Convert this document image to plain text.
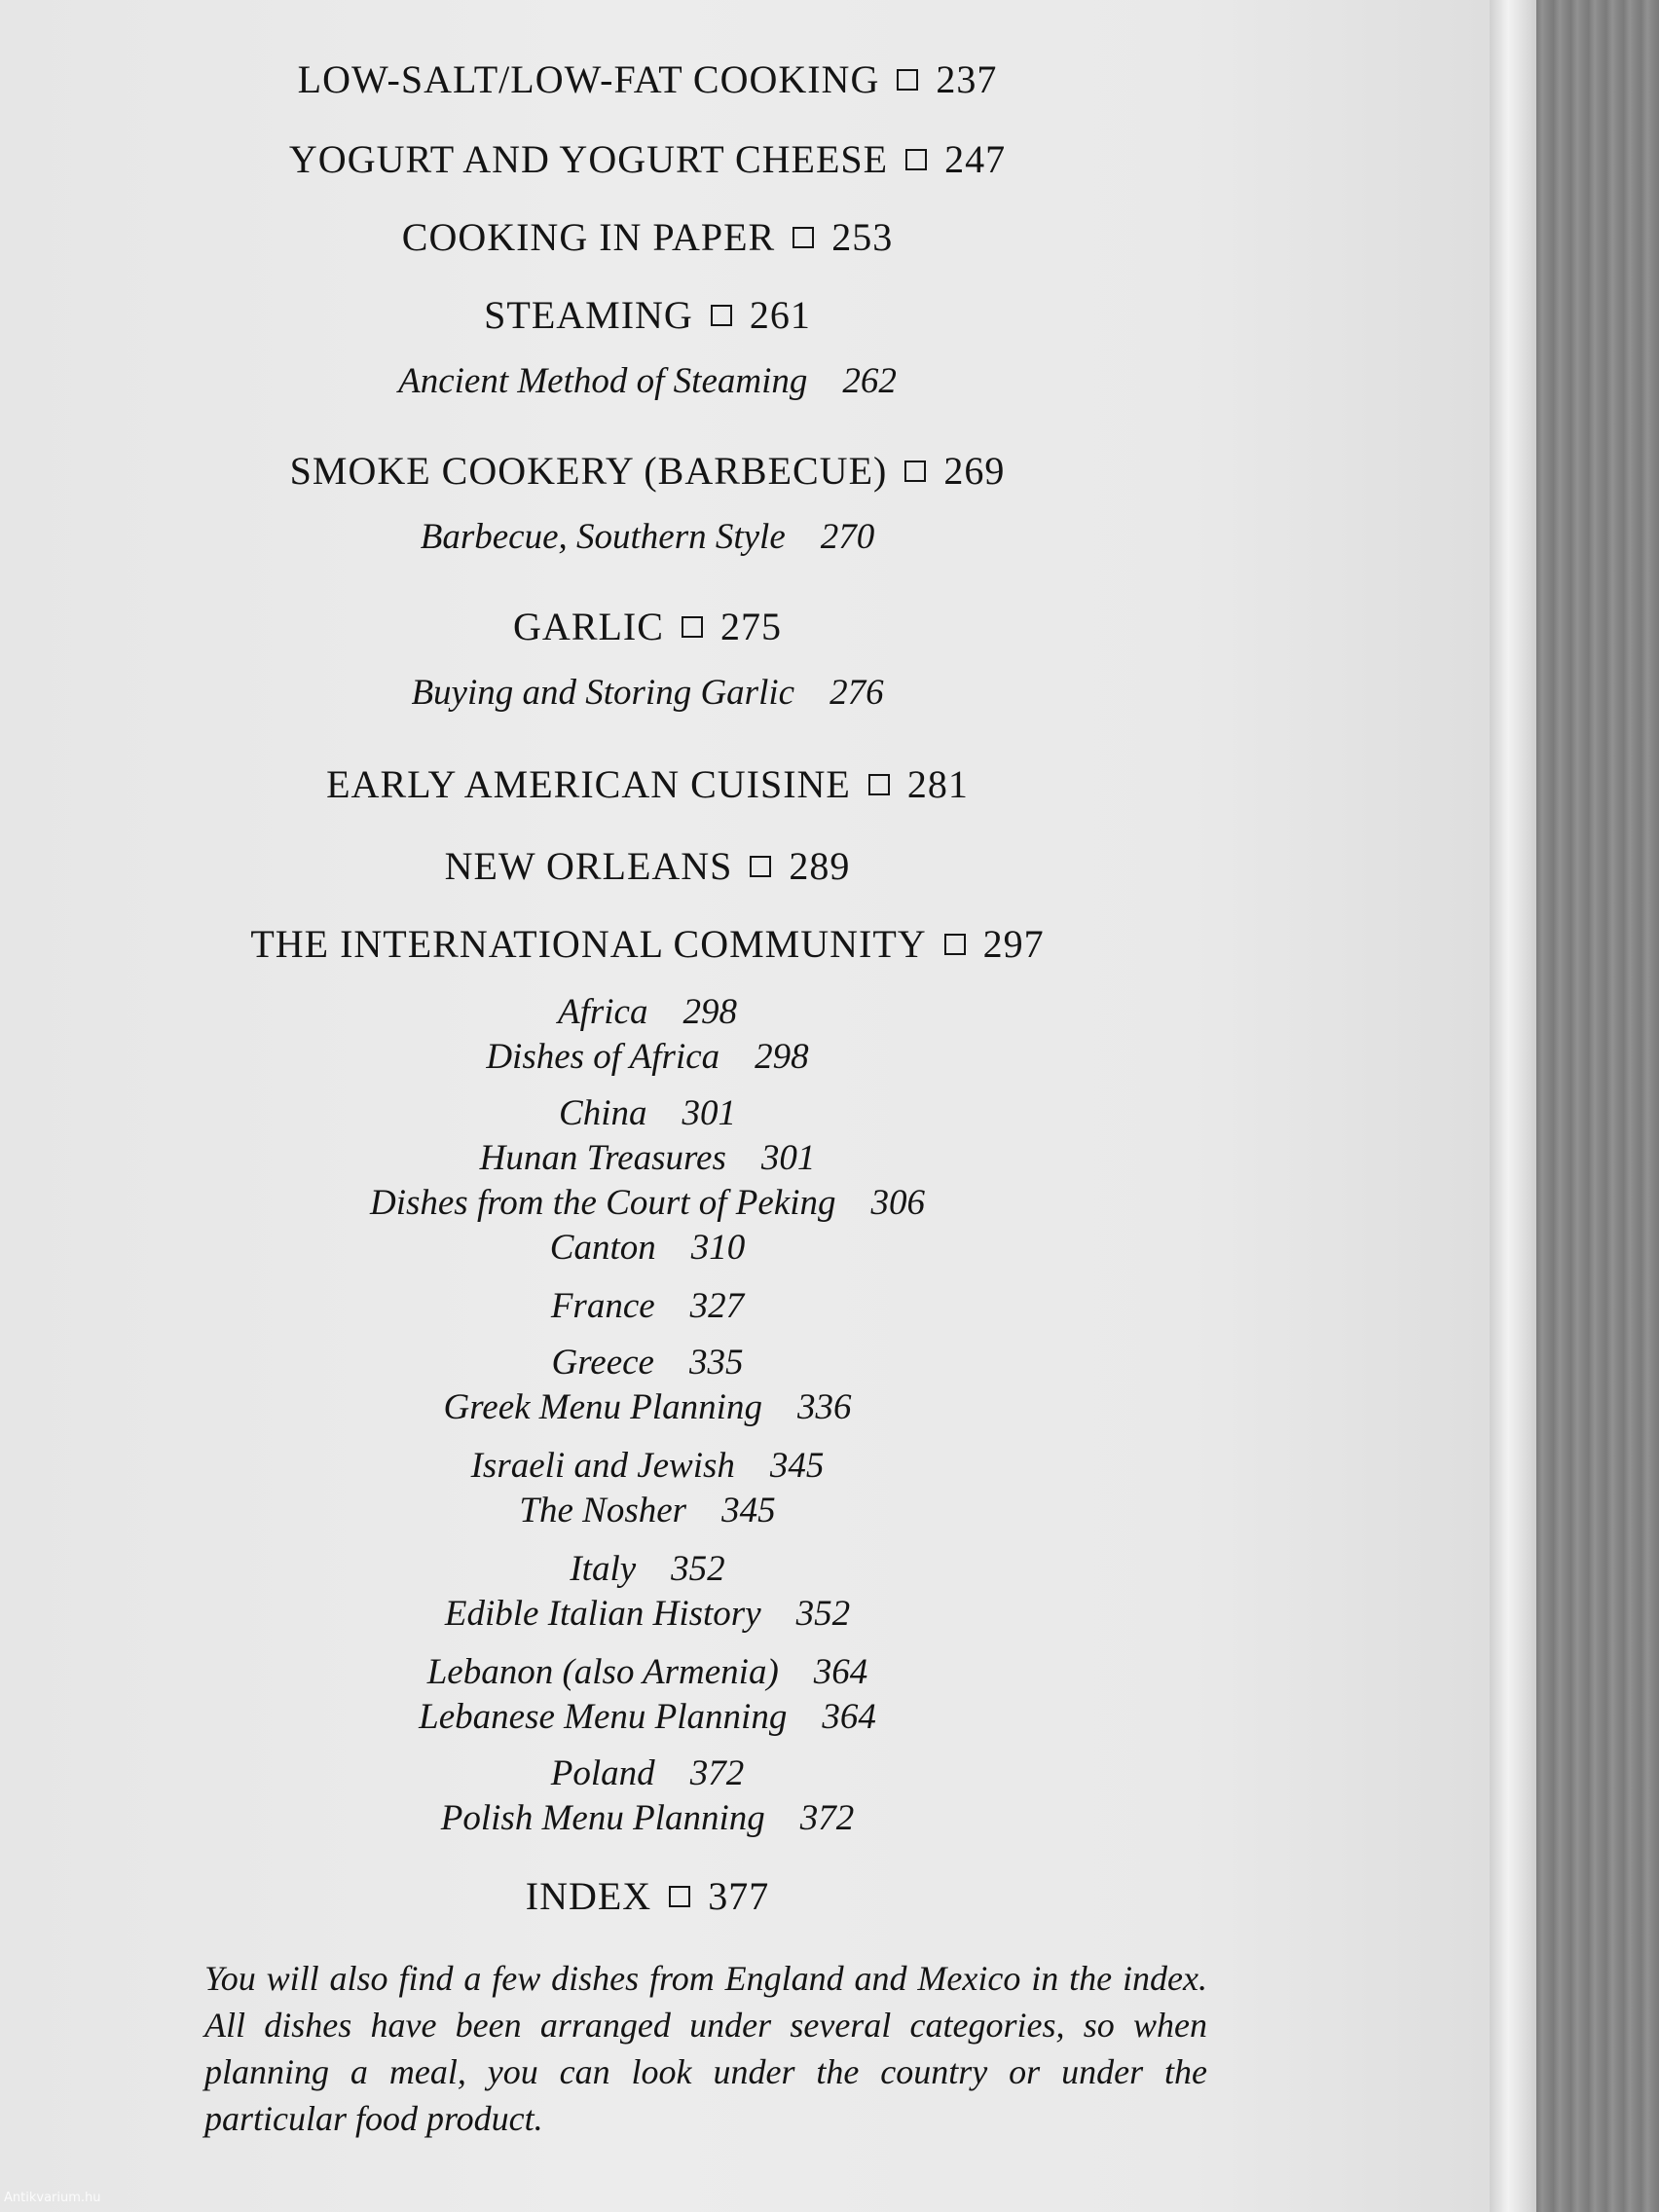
LOW-SALT/LOW-FAT COOKING 237
YOGURT AND YOGURT CHEESE 247
COOKING IN PAPER 253
STEAMING 261
Ancient Method of Steaming 262
SMOKE COOKERY (BARBECUE) 269
Barbecue, Southern Style 270
GARLIC 275
Buying and Storing Garlic 276
EARLY AMERICAN CUISINE 281
NEW ORLEANS 289
THE INTERNATIONAL COMMUNITY 297
Africa 298
Dishes of Africa 298
China 301
Hunan Treasures 301
Dishes from the Court of Peking 306
Canton 310
France 327
Greece 335
Greek Menu Planning 336
Israeli and Jewish 345
The Nosher 345
Italy 352
Edible Italian History 352
Lebanon (also Armenia) 364
Lebanese Menu Planning 364
Poland 372
Polish Menu Planning 372
INDEX 377
You will also find a few dishes from England and Mexico in the index. All dishes have been arranged under several categories, so when planning a meal, you can look under the country or under the particular food product.
Antikvarium.hu
